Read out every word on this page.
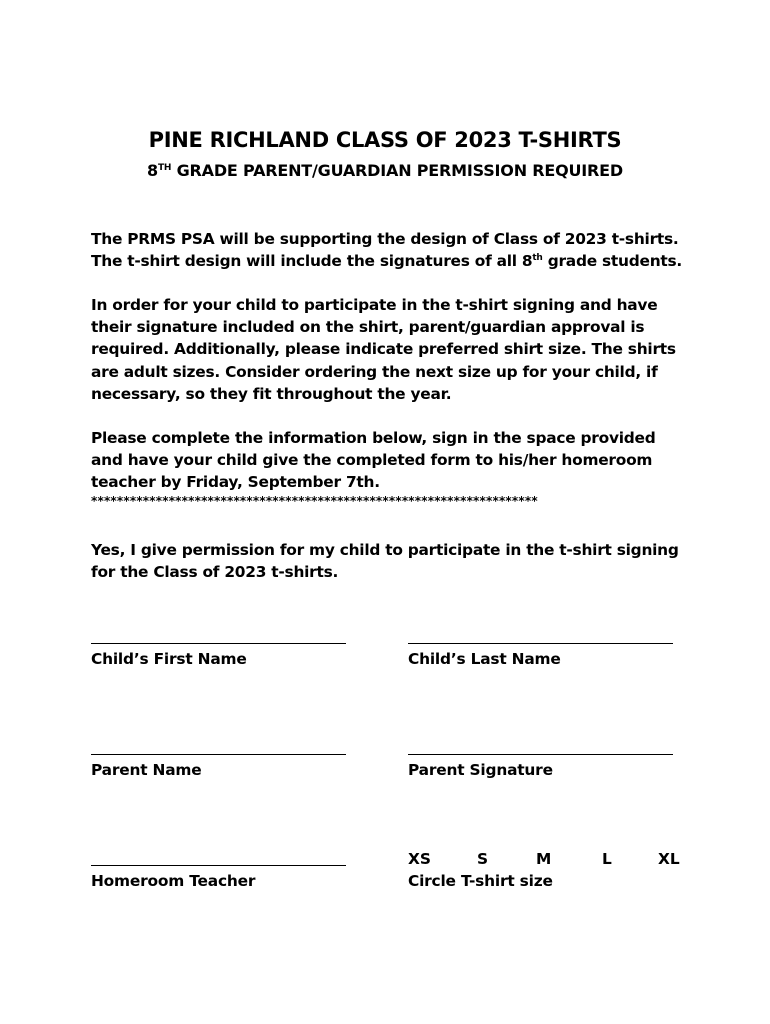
PINE RICHLAND CLASS OF 2023 T-SHIRTS
8TH GRADE PARENT/GUARDIAN PERMISSION REQUIRED
The PRMS PSA will be supporting the design of Class of 2023 t-shirts.
The t-shirt design will include the signatures of all 8th grade students.
In order for your child to participate in the t-shirt signing and have
their signature included on the shirt, parent/guardian approval is
required. Additionally, please indicate preferred shirt size. The shirts
are adult sizes. Consider ordering the next size up for your child, if
necessary, so they fit throughout the year.
Please complete the information below, sign in the space provided
and have your child give the completed form to his/her homeroom
teacher by Friday, September 7th.
*********************************************************************
Yes, I give permission for my child to participate in the t-shirt signing
for the Class of 2023 t-shirts.
Child’s First Name	Child’s Last Name
Parent Name	Parent Signature
Homeroom Teacher
XS	S	M	L	XL
Circle T-shirt size
